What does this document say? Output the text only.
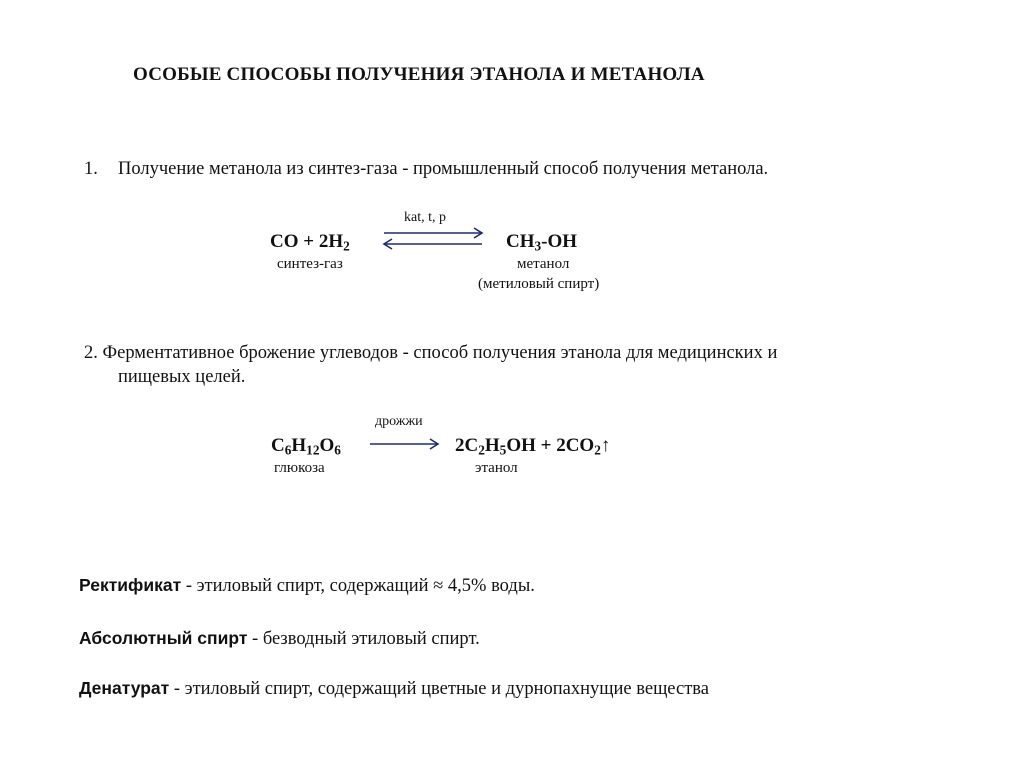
ОСОБЫЕ СПОСОБЫ ПОЛУЧЕНИЯ ЭТАНОЛА И МЕТАНОЛА
1. Получение метанола из синтез-газа - промышленный способ получения метанола.
kat, t, p
CO + $2H_2$	$CH_3-OH$
синтез-газ	метанол
(метиловый спирт)
2. Ферментативное брожение углеводов - способ получения этанола для медицинских и
пищевых целей.
дрожжи
$C_6H_{12}O_6$	$2C_2H_5OH$ + $2CO_2↑$
глюкоза	этанол
Ректификат - этиловый спирт, содержащий ≈ 4,5% воды.
Абсолютный спирт - безводный этиловый спирт.
Денатурат - этиловый спирт, содержащий цветные и дурнопахнущие вещества
